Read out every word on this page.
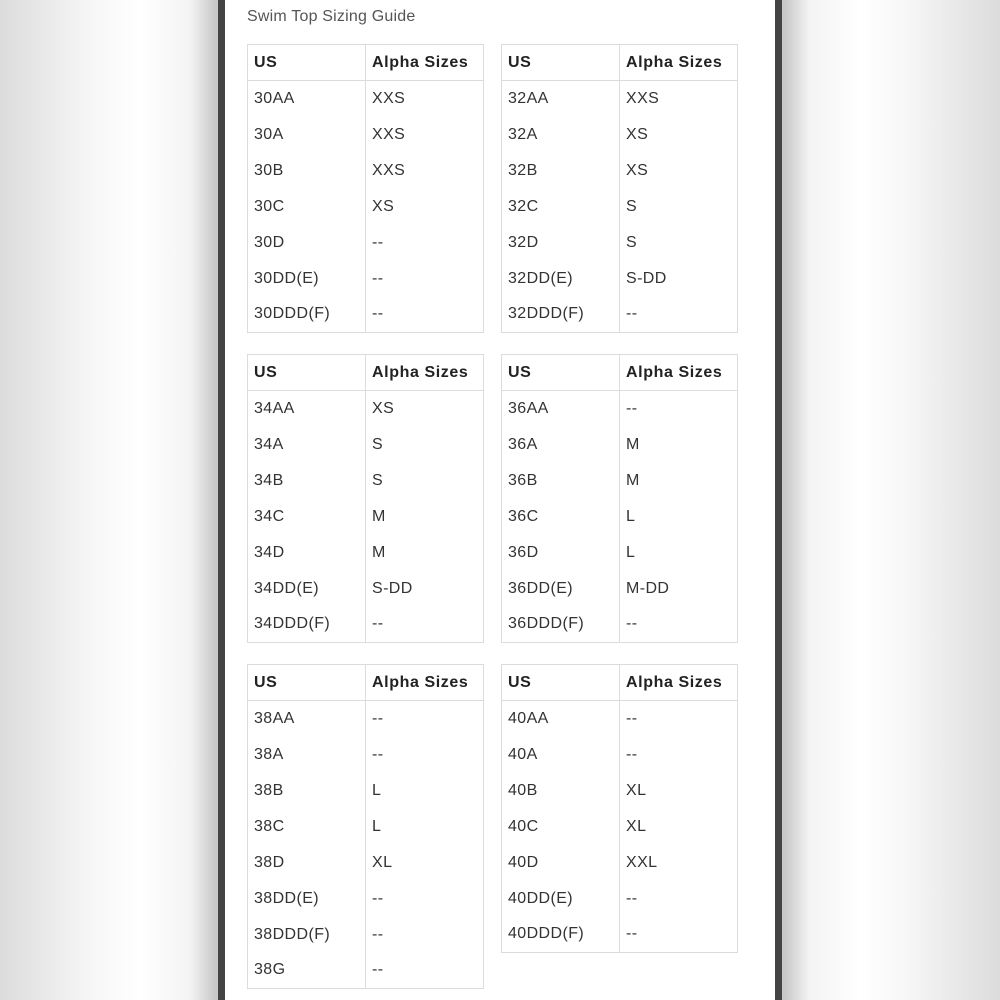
Swim Top Sizing Guide
US	Alpha Sizes
30AA	XXS
30A	XXS
30B	XXS
30C	XS
30D	--
30DD(E)	--
30DDD(F)	--
US	Alpha Sizes
32AA	XXS
32A	XS
32B	XS
32C	S
32D	S
32DD(E)	S-DD
32DDD(F)	--
US	Alpha Sizes
34AA	XS
34A	S
34B	S
34C	M
34D	M
34DD(E)	S-DD
34DDD(F)	--
US	Alpha Sizes
36AA	--
36A	M
36B	M
36C	L
36D	L
36DD(E)	M-DD
36DDD(F)	--
US	Alpha Sizes
38AA	--
38A	--
38B	L
38C	L
38D	XL
38DD(E)	--
38DDD(F)	--
38G	--
US	Alpha Sizes
40AA	--
40A	--
40B	XL
40C	XL
40D	XXL
40DD(E)	--
40DDD(F)	--
